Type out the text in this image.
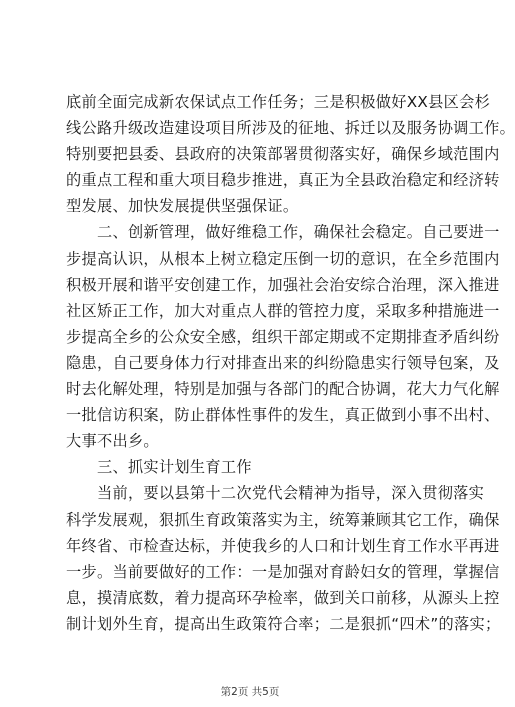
底前全面完成新农保试点工作任务；三是积极做好XX县区会杉
线公路升级改造建设项目所涉及的征地、拆迁以及服务协调工作。
特别要把县委、县政府的决策部署贯彻落实好，确保乡域范围内
的重点工程和重大项目稳步推进，真正为全县政治稳定和经济转
型发展、加快发展提供坚强保证。
　　二、创新管理，做好维稳工作，确保社会稳定。自己要进一
步提高认识，从根本上树立稳定压倒一切的意识，在全乡范围内
积极开展和谐平安创建工作，加强社会治安综合治理，深入推进
社区矫正工作，加大对重点人群的管控力度，采取多种措施进一
步提高全乡的公众安全感，组织干部定期或不定期排查矛盾纠纷
隐患，自己要身体力行对排查出来的纠纷隐患实行领导包案，及
时去化解处理，特别是加强与各部门的配合协调，花大力气化解
一批信访积案，防止群体性事件的发生，真正做到小事不出村、
大事不出乡。
　　三、抓实计划生育工作
　　当前，要以县第十二次党代会精神为指导，深入贯彻落实
科学发展观，狠抓生育政策落实为主，统筹兼顾其它工作，确保
年终省、市检查达标，并使我乡的人口和计划生育工作水平再进
一步。当前要做好的工作：一是加强对育龄妇女的管理，掌握信
息，摸清底数，着力提高环孕检率，做到关口前移，从源头上控
制计划外生育，提高出生政策符合率；二是狠抓“四术”的落实；
第2页 共5页
